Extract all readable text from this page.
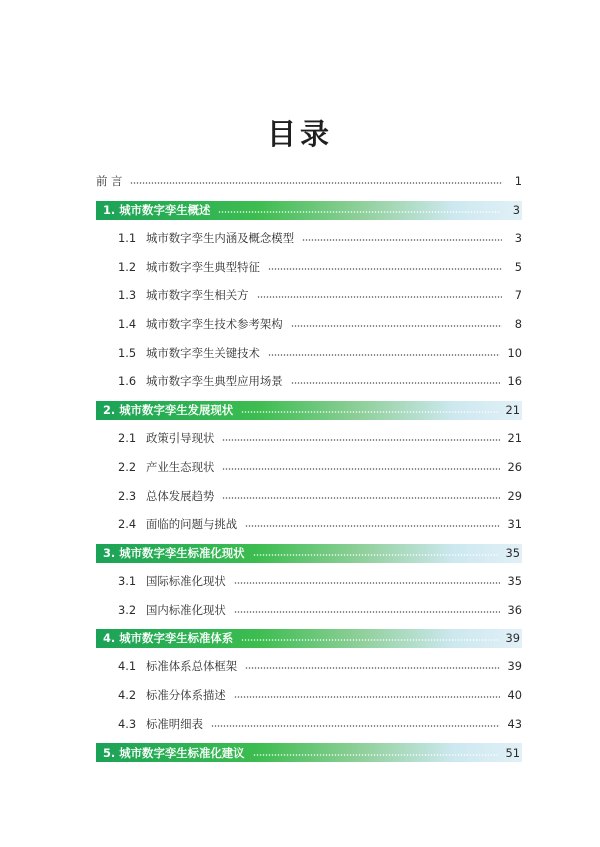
目录
前 言	1
1. 城市数字孪生概述	3
1.1 城市数字孪生内涵及概念模型	3
1.2 城市数字孪生典型特征	5
1.3 城市数字孪生相关方	7
1.4 城市数字孪生技术参考架构	8
1.5 城市数字孪生关键技术	10
1.6 城市数字孪生典型应用场景	16
2. 城市数字孪生发展现状	21
2.1 政策引导现状	21
2.2 产业生态现状	26
2.3 总体发展趋势	29
2.4 面临的问题与挑战	31
3. 城市数字孪生标准化现状	35
3.1 国际标准化现状	35
3.2 国内标准化现状	36
4. 城市数字孪生标准体系	39
4.1 标准体系总体框架	39
4.2 标准分体系描述	40
4.3 标准明细表	43
5. 城市数字孪生标准化建议	51
